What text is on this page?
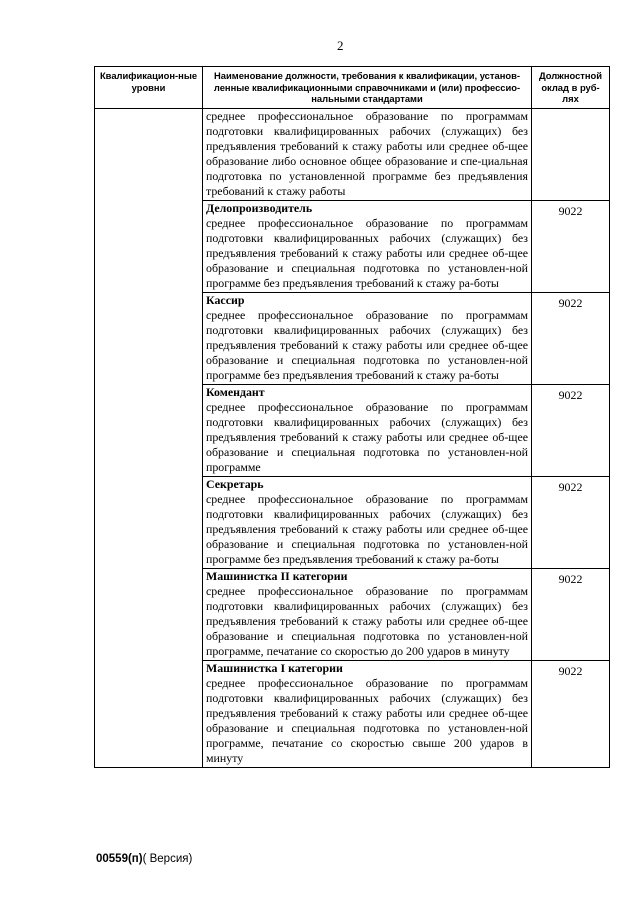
2
Квалификацион-ные уровни	Наименование должности, требования к квалификации, установ-ленные квалификационными справочниками и (или) профессио-нальными стандартами	Должностной оклад в руб-лях

	среднее профессиональное образование по программам подготовки квалифицированных рабочих (служащих) без предъявления требований к стажу работы или среднее об-щее образование либо основное общее образование и спе-циальная подготовка по установленной программе без предъявления требований к стажу работы	

	Делопроизводитель
среднее профессиональное образование по программам подготовки квалифицированных рабочих (служащих) без предъявления требований к стажу работы или среднее об-щее образование и специальная подготовка по установлен-ной программе без предъявления требований к стажу ра-боты	9022

	Кассир
среднее профессиональное образование по программам подготовки квалифицированных рабочих (служащих) без предъявления требований к стажу работы или среднее об-щее образование и специальная подготовка по установлен-ной программе без предъявления требований к стажу ра-боты	9022

	Комендант
среднее профессиональное образование по программам подготовки квалифицированных рабочих (служащих) без предъявления требований к стажу работы или среднее об-щее образование и специальная подготовка по установлен-ной программе	9022

	Секретарь
среднее профессиональное образование по программам подготовки квалифицированных рабочих (служащих) без предъявления требований к стажу работы или среднее об-щее образование и специальная подготовка по установлен-ной программе без предъявления требований к стажу ра-боты	9022

	Машинистка II категории
среднее профессиональное образование по программам подготовки квалифицированных рабочих (служащих) без предъявления требований к стажу работы или среднее об-щее образование и специальная подготовка по установлен-ной программе, печатание со скоростью до 200 ударов в минуту	9022

	Машинистка I категории
среднее профессиональное образование по программам подготовки квалифицированных рабочих (служащих) без предъявления требований к стажу работы или среднее об-щее образование и специальная подготовка по установлен-ной программе, печатание со скоростью свыше 200 ударов в минуту	9022
00559(п)( Версия)
